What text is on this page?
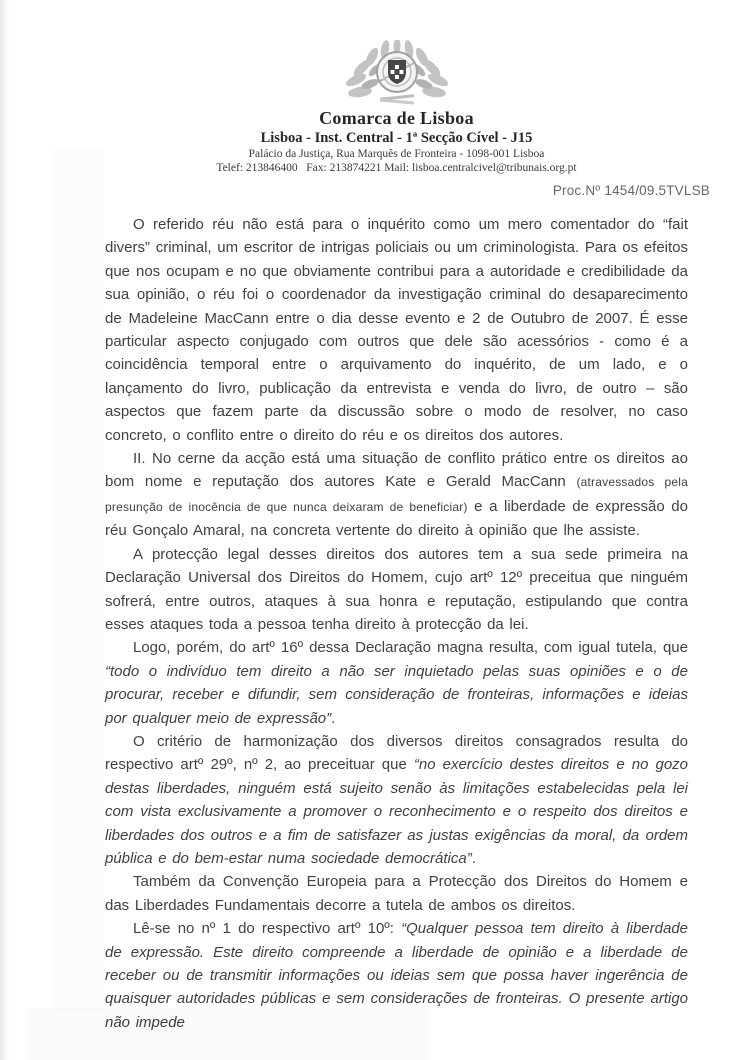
Comarca de Lisboa
Lisboa - Inst. Central - 1ª Secção Cível - J15
Palácio da Justiça, Rua Marquês de Fronteira - 1098-001 Lisboa
Telef: 213846400   Fax: 213874221 Mail: lisboa.centralcivel@tribunais.org.pt
Proc.Nº 1454/09.5TVLSB

O referido réu não está para o inquérito como um mero comentador do “fait divers” criminal, um escritor de intrigas policiais ou um criminologista. Para os efeitos que nos ocupam e no que obviamente contribui para a autoridade e credibilidade da sua opinião, o réu foi o coordenador da investigação criminal do desaparecimento de Madeleine MacCann entre o dia desse evento e 2 de Outubro de 2007. É esse particular aspecto conjugado com outros que dele são acessórios - como é a coincidência temporal entre o arquivamento do inquérito, de um lado, e o lançamento do livro, publicação da entrevista e venda do livro, de outro – são aspectos que fazem parte da discussão sobre o modo de resolver, no caso concreto, o conflito entre o direito do réu e os direitos dos autores.

II. No cerne da acção está uma situação de conflito prático entre os direitos ao bom nome e reputação dos autores Kate e Gerald MacCann (atravessados pela presunção de inocência de que nunca deixaram de beneficiar) e a liberdade de expressão do réu Gonçalo Amaral, na concreta vertente do direito à opinião que lhe assiste.

A protecção legal desses direitos dos autores tem a sua sede primeira na Declaração Universal dos Direitos do Homem, cujo artº 12º preceitua que ninguém sofrerá, entre outros, ataques à sua honra e reputação, estipulando que contra esses ataques toda a pessoa tenha direito à protecção da lei.

Logo, porém, do artº 16º dessa Declaração magna resulta, com igual tutela, que “todo o indivíduo tem direito a não ser inquietado pelas suas opiniões e o de procurar, receber e difundir, sem consideração de fronteiras, informações e ideias por qualquer meio de expressão”.

O critério de harmonização dos diversos direitos consagrados resulta do respectivo artº 29º, nº 2, ao preceituar que “no exercício destes direitos e no gozo destas liberdades, ninguém está sujeito senão às limitações estabelecidas pela lei com vista exclusivamente a promover o reconhecimento e o respeito dos direitos e liberdades dos outros e a fim de satisfazer as justas exigências da moral, da ordem pública e do bem-estar numa sociedade democrática”.

Também da Convenção Europeia para a Protecção dos Direitos do Homem e das Liberdades Fundamentais decorre a tutela de ambos os direitos.

Lê-se no nº 1 do respectivo artº 10º: “Qualquer pessoa tem direito à liberdade de expressão. Este direito compreende a liberdade de opinião e a liberdade de receber ou de transmitir informações ou ideias sem que possa haver ingerência de quaisquer autoridades públicas e sem considerações de fronteiras. O presente artigo não impede
